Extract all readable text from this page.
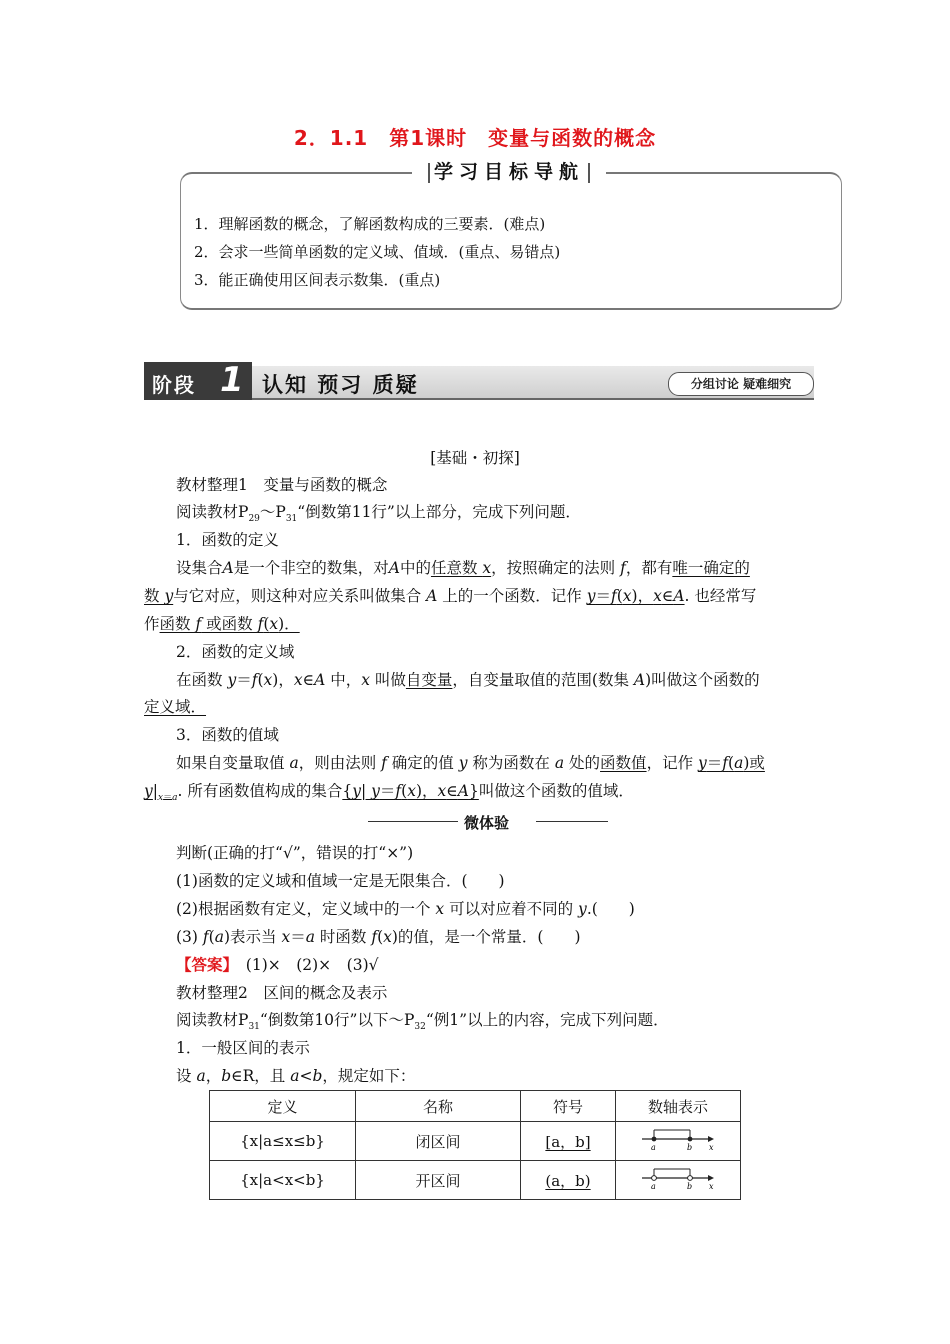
2．1.1　第1课时　变量与函数的概念
学习目标导航
1．理解函数的概念，了解函数构成的三要素．(难点)
2．会求一些简单函数的定义域、值域．(重点、易错点)
3．能正确使用区间表示数集．(重点)
阶段 1 认知 预习 质疑	分组讨论 疑难细究
[基础・初探]
教材整理1　变量与函数的概念
阅读教材$P_{29}\sim P_{31}“$倒数第11行”以上部分，完成下列问题．
1．函数的定义
设集合A是一个非空的数集，对A中的任意数 x，按照确定的法则 f，都有唯一确定的
数 y与它对应，则这种对应关系叫做集合 A 上的一个函数．记作 y＝f(x)，x∈A. 也经常写
作函数 f 或函数 f(x)．
2．函数的定义域
在函数 y＝f(x)，x∈A 中，x 叫做自变量，自变量取值的范围(数集 A)叫做这个函数的
定义域．
3．函数的值域
如果自变量取值 a，则由法则 f 确定的值 y 称为函数在 a 处的函数值，记作 y＝f(a)或
$y|_{x=a}$. 所有函数值构成的集合{y| y＝f(x)，x∈A}叫做这个函数的值域．
微体验
判断(正确的打“√”，错误的打“×”)
(1)函数的定义域和值域一定是无限集合．(　　)
(2)根据函数有定义，定义域中的一个 x 可以对应着不同的 y.(　　)
(3) f(a)表示当 x＝a 时函数 f(x)的值，是一个常量．(　　)
【答案】　 (1)×　(2)×　(3)√
教材整理2　区间的概念及表示
阅读教材$P_{31}“$倒数第10行”以下$\sim P_{32}“$例1”以上的内容，完成下列问题．
1．一般区间的表示
设 a，b∈R，且 a<b，规定如下：
定义	名称	符号	数轴表示
{x|a≤x≤b}	闭区间	[a，b]	a b x

{x|a<x<b}	开区间	(a，b)	a b x
